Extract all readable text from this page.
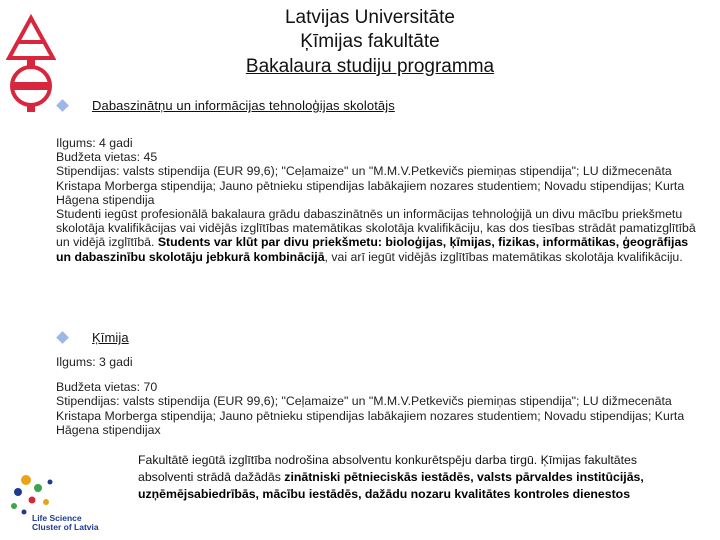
Latvijas Universitāte
Ķīmijas fakultāte
Bakalaura studiju programma
Dabaszinātņu un informācijas tehnoloģijas skolotājs

Ilgums: 4 gadi

Budžeta vietas: 45

Stipendijas: valsts stipendija (EUR 99,6); "Ceļamaize" un "M.M.V.Petkevičs piemiņas stipendija"; LU dižmecenāta Kristapa Morberga stipendija; Jauno pētnieku stipendijas labākajiem nozares studentiem; Novadu stipendijas; Kurta Hāgena stipendija

Studenti iegūst profesionālā bakalaura grādu dabaszinātnēs un informācijas tehnoloģijā un divu mācību priekšmetu skolotāja kvalifikācijas vai vidējās izglītības matemātikas skolotāja kvalifikāciju, kas dos tiesības strādāt pamatizglītībā un vidējā izglītībā. Students var klūt par divu priekšmetu: bioloģijas, ķīmijas, fizikas, informātikas, ģeogrāfijas un dabaszinību skolotāju jebkurā kombinācijā, vai arī iegūt vidējās izglītības matemātikas skolotāja kvalifikāciju.

Ķīmija

Ilgums: 3 gadi

Budžeta vietas: 70

Stipendijas: valsts stipendija (EUR 99,6); "Ceļamaize" un "M.M.V.Petkevičs piemiņas stipendija"; LU dižmecenāta Kristapa Morberga stipendija; Jauno pētnieku stipendijas labākajiem nozares studentiem; Novadu stipendijas; Kurta Hāgena stipendijax

Fakultātē iegūtā izglītība nodrošina absolventu konkurētspēju darba tirgū. Ķīmijas fakultātes absolventi strādā dažādās zinātniski pētnieciskās iestādēs, valsts pārvaldes institūcijās, uzņēmējsabiedrībās, mācību iestādēs, dažādu nozaru kvalitātes kontroles dienestos
Life Science
Cluster of Latvia
